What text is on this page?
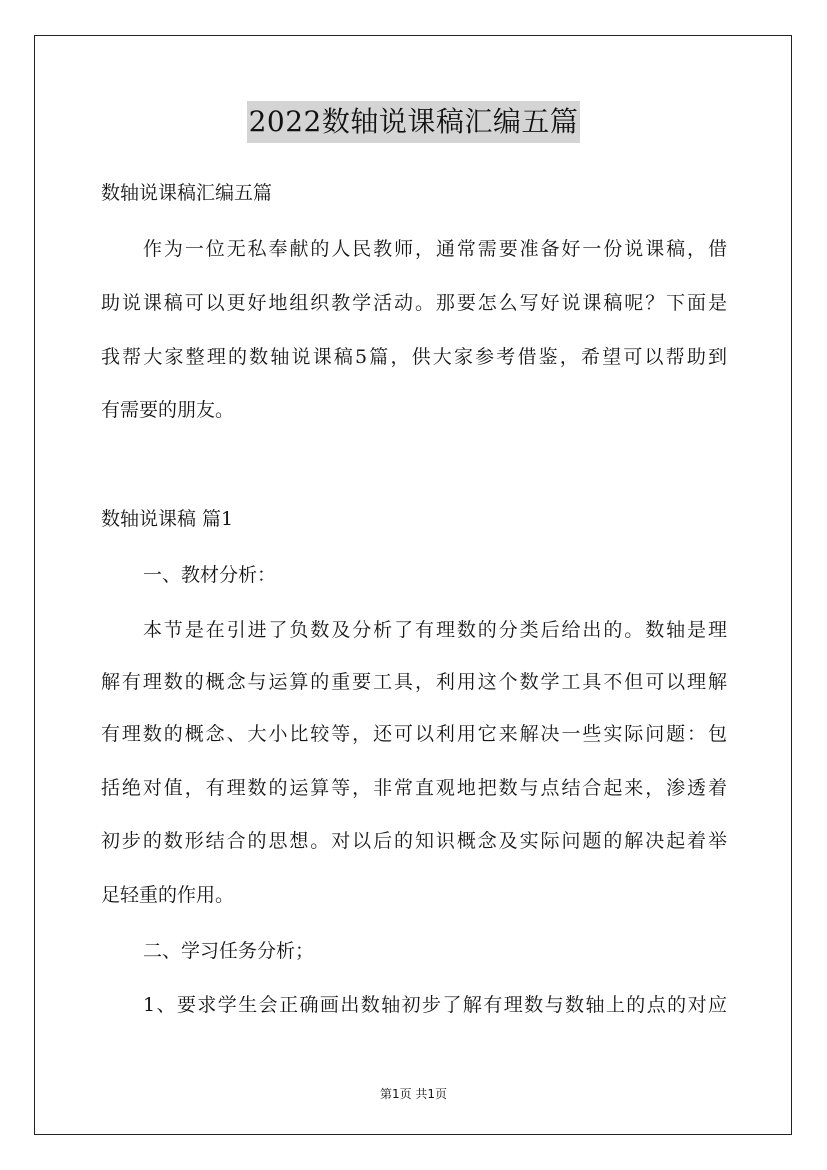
2022数轴说课稿汇编五篇
数轴说课稿汇编五篇
作为一位无私奉献的人民教师，通常需要准备好一份说课稿，借
助说课稿可以更好地组织教学活动。那要怎么写好说课稿呢？下面是
我帮大家整理的数轴说课稿5篇，供大家参考借鉴，希望可以帮助到
有需要的朋友。
数轴说课稿 篇1
一、教材分析：
本节是在引进了负数及分析了有理数的分类后给出的。数轴是理
解有理数的概念与运算的重要工具，利用这个数学工具不但可以理解
有理数的概念、大小比较等，还可以利用它来解决一些实际问题：包
括绝对值，有理数的运算等，非常直观地把数与点结合起来，渗透着
初步的数形结合的思想。对以后的知识概念及实际问题的解决起着举
足轻重的作用。
二、学习任务分析；
1、要求学生会正确画出数轴初步了解有理数与数轴上的点的对应
第1页 共1页
